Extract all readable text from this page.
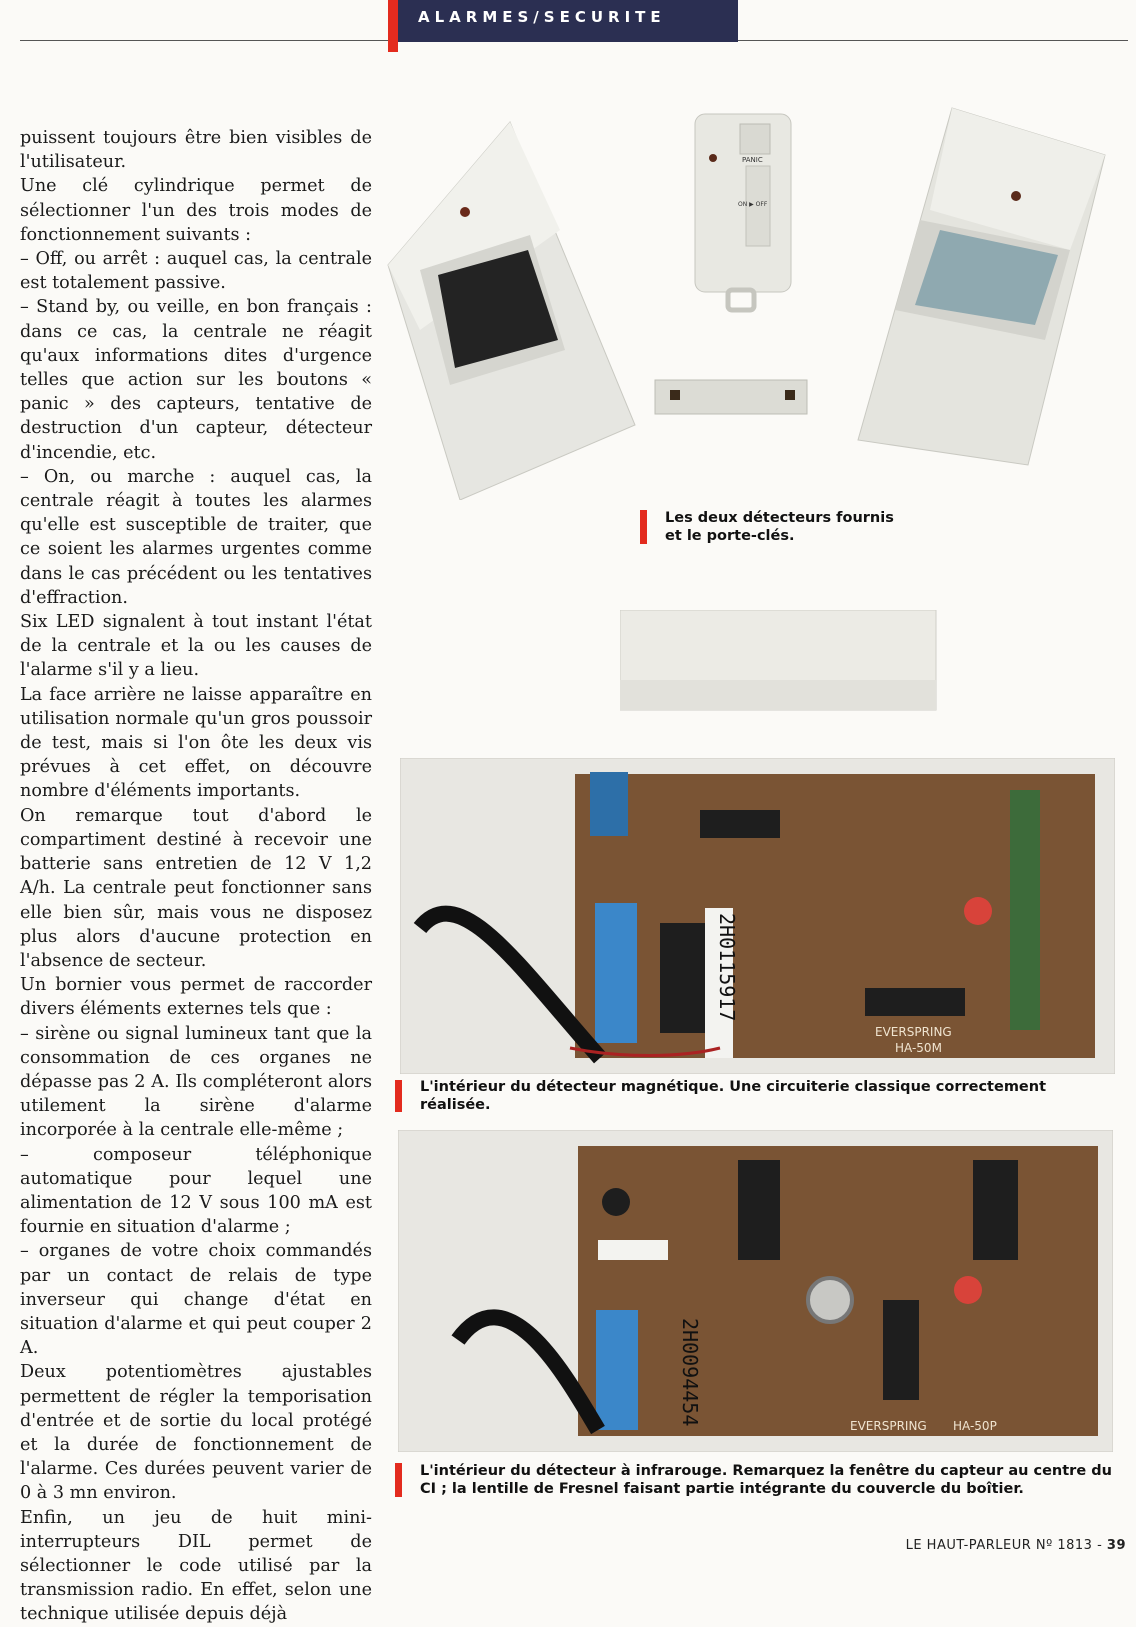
ALARMES/SECURITE

puissent toujours être bien visibles de l'utilisateur.

Une clé cylindrique permet de sélectionner l'un des trois modes de fonctionnement suivants :

– Off, ou arrêt : auquel cas, la centrale est totalement passive.

– Stand by, ou veille, en bon français : dans ce cas, la centrale ne réagit qu'aux informations dites d'urgence telles que action sur les boutons « panic » des capteurs, tentative de destruction d'un capteur, détecteur d'incendie, etc.

– On, ou marche : auquel cas, la centrale réagit à toutes les alarmes qu'elle est susceptible de traiter, que ce soient les alarmes urgentes comme dans le cas précédent ou les tentatives d'effraction.

Six LED signalent à tout instant l'état de la centrale et la ou les causes de l'alarme s'il y a lieu.

La face arrière ne laisse apparaître en utilisation normale qu'un gros poussoir de test, mais si l'on ôte les deux vis prévues à cet effet, on découvre nombre d'éléments importants.

On remarque tout d'abord le compartiment destiné à recevoir une batterie sans entretien de 12 V 1,2 A/h. La centrale peut fonctionner sans elle bien sûr, mais vous ne disposez plus alors d'aucune protection en l'absence de secteur.

Un bornier vous permet de raccorder divers éléments externes tels que :

– sirène ou signal lumineux tant que la consommation de ces organes ne dépasse pas 2 A. Ils compléteront alors utilement la sirène d'alarme incorporée à la centrale elle-même ;

– composeur téléphonique automatique pour lequel une alimentation de 12 V sous 100 mA est fournie en situation d'alarme ;

– organes de votre choix commandés par un contact de relais de type inverseur qui change d'état en situation d'alarme et qui peut couper 2 A.

Deux potentiomètres ajustables permettent de régler la temporisation d'entrée et de sortie du local protégé et la durée de fonctionnement de l'alarme. Ces durées peuvent varier de 0 à 3 mn environ.

Enfin, un jeu de huit mini-interrupteurs DIL permet de sélectionner le code utilisé par la transmission radio. En effet, selon une technique utilisée depuis déjà

PANIC
ON ▶ OFF
Les deux détecteurs fournis et le porte-clés.
2H0115917
EVERSPRING
HA-50M
L'intérieur du détecteur magnétique. Une circuiterie classique correctement réalisée.
2H0094454	EVERSPRING HA-50P
L'intérieur du détecteur à infrarouge. Remarquez la fenêtre du capteur au centre du CI ; la lentille de Fresnel faisant partie intégrante du couvercle du boîtier.
LE HAUT-PARLEUR Nº 1813 - 39
